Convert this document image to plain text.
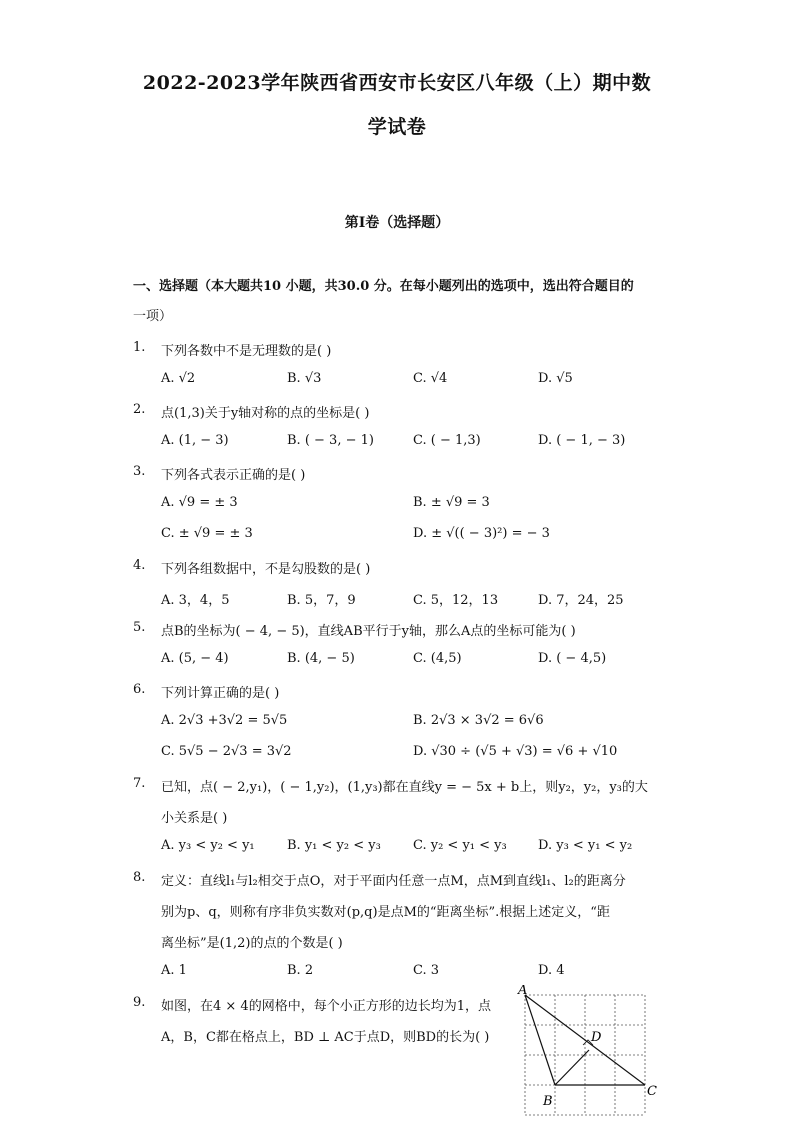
2022-2023学年陕西省西安市长安区八年级（上）期中数
学试卷
第I卷（选择题）
一、选择题（本大题共10 小题，共30.0 分。在每小题列出的选项中，选出符合题目的
一项）
1. 下列各数中不是无理数的是( )
A. √2	B. √3	C. √4	D. √5
2. 点(1,3)关于y轴对称的点的坐标是( )
A. (1, − 3)	B. ( − 3, − 1)	C. ( − 1,3)	D. ( − 1, − 3)
3. 下列各式表示正确的是( )
A. √9 = ± 3	B. ± √9 = 3
C. ± √9 = ± 3	D. ± √(( − 3)²) = − 3
4. 下列各组数据中，不是勾股数的是( )
A. 3，4，5	B. 5，7，9	C. 5，12，13	D. 7，24，25
5. 点B的坐标为( − 4, − 5)，直线AB平行于y轴，那么A点的坐标可能为( )
A. (5, − 4)	B. (4, − 5)	C. (4,5)	D. ( − 4,5)
6. 下列计算正确的是( )
A. 2√3 +3√2 = 5√5	B. 2√3 × 3√2 = 6√6
C. 5√5 − 2√3 = 3√2	D. √30 ÷ (√5 + √3) = √6 + √10
7. 已知，点( − 2,y₁)，( − 1,y₂)，(1,y₃)都在直线y = − 5x + b上，则y₂，y₂，y₃的大
小关系是( )
A. y₃ < y₂ < y₁ B. y₁ < y₂ < y₃ C. y₂ < y₁ < y₃ D. y₃ < y₁ < y₂
8. 定义：直线l₁与l₂相交于点O，对于平面内任意一点M，点M到直线l₁、l₂的距离分
别为p、q，则称有序非负实数对(p,q)是点M的“距离坐标”.根据上述定义，“距
离坐标”是(1,2)的点的个数是( )
A. 1	B. 2	C. 3	D. 4
9. 如图，在4 × 4的网格中，每个小正方形的边长均为1，点
A，B，C都在格点上，BD ⊥ AC于点D，则BD的长为( )
A
D
B
C
